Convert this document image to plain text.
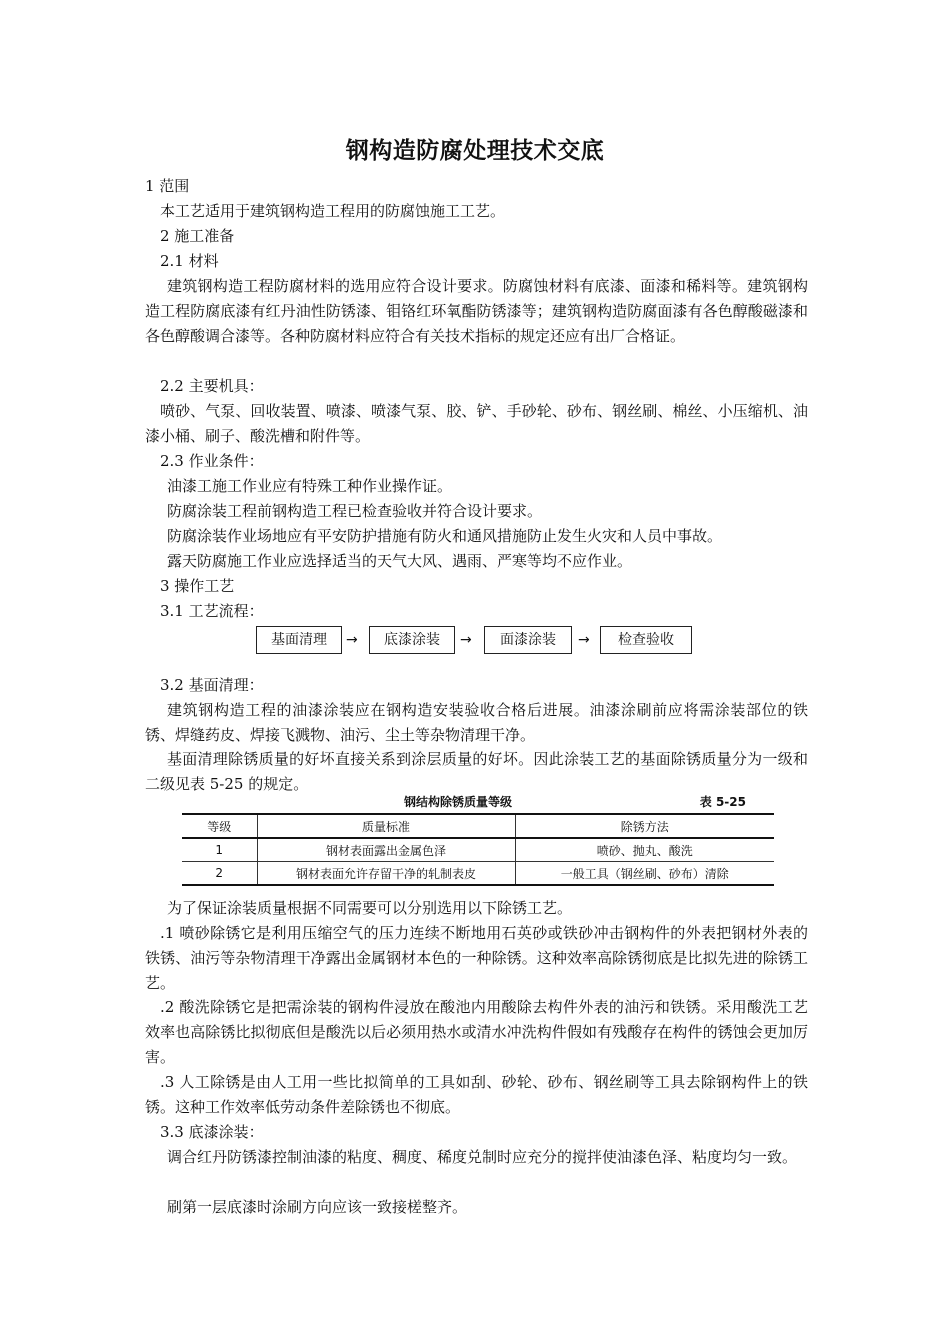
钢构造防腐处理技术交底
1 范围
本工艺适用于建筑钢构造工程用的防腐蚀施工工艺。
2 施工准备
2.1 材料
建筑钢构造工程防腐材料的选用应符合设计要求。防腐蚀材料有底漆、面漆和稀料等。建筑钢构造工程防腐底漆有红丹油性防锈漆、钼铬红环氧酯防锈漆等；建筑钢构造防腐面漆有各色醇酸磁漆和各色醇酸调合漆等。各种防腐材料应符合有关技术指标的规定还应有出厂合格证。
2.2 主要机具：
喷砂、气泵、回收装置、喷漆、喷漆气泵、胶、铲、手砂轮、砂布、钢丝刷、棉丝、小压缩机、油漆小桶、刷子、酸洗槽和附件等。
2.3 作业条件：
油漆工施工作业应有特殊工种作业操作证。
防腐涂装工程前钢构造工程已检查验收并符合设计要求。
防腐涂装作业场地应有平安防护措施有防火和通风措施防止发生火灾和人员中事故。
露天防腐施工作业应选择适当的天气大风、遇雨、严寒等均不应作业。
3 操作工艺
3.1 工艺流程：
基面清理	→	底漆涂装	→	面漆涂装	→	检查验收
3.2 基面清理：
建筑钢构造工程的油漆涂装应在钢构造安装验收合格后进展。油漆涂刷前应将需涂装部位的铁锈、焊缝药皮、焊接飞溅物、油污、尘土等杂物清理干净。
基面清理除锈质量的好坏直接关系到涂层质量的好坏。因此涂装工艺的基面除锈质量分为一级和二级见表 5-25 的规定。
钢结构除锈质量等级	表 5-25
等级	质量标准	除锈方法
1	钢材表面露出金属色泽	喷砂、抛丸、酸洗
2	钢材表面允许存留干净的轧制表皮	一般工具（钢丝刷、砂布）清除
为了保证涂装质量根据不同需要可以分别选用以下除锈工艺。
.1 喷砂除锈它是利用压缩空气的压力连续不断地用石英砂或铁砂冲击钢构件的外表把钢材外表的铁锈、油污等杂物清理干净露出金属钢材本色的一种除锈。这种效率高除锈彻底是比拟先进的除锈工艺。
.2 酸洗除锈它是把需涂装的钢构件浸放在酸池内用酸除去构件外表的油污和铁锈。采用酸洗工艺效率也高除锈比拟彻底但是酸洗以后必须用热水或清水冲洗构件假如有残酸存在构件的锈蚀会更加厉害。
.3 人工除锈是由人工用一些比拟简单的工具如刮、砂轮、砂布、钢丝刷等工具去除钢构件上的铁锈。这种工作效率低劳动条件差除锈也不彻底。
3.3 底漆涂装：
调合红丹防锈漆控制油漆的粘度、稠度、稀度兑制时应充分的搅拌使油漆色泽、粘度均匀一致。
刷第一层底漆时涂刷方向应该一致接槎整齐。
